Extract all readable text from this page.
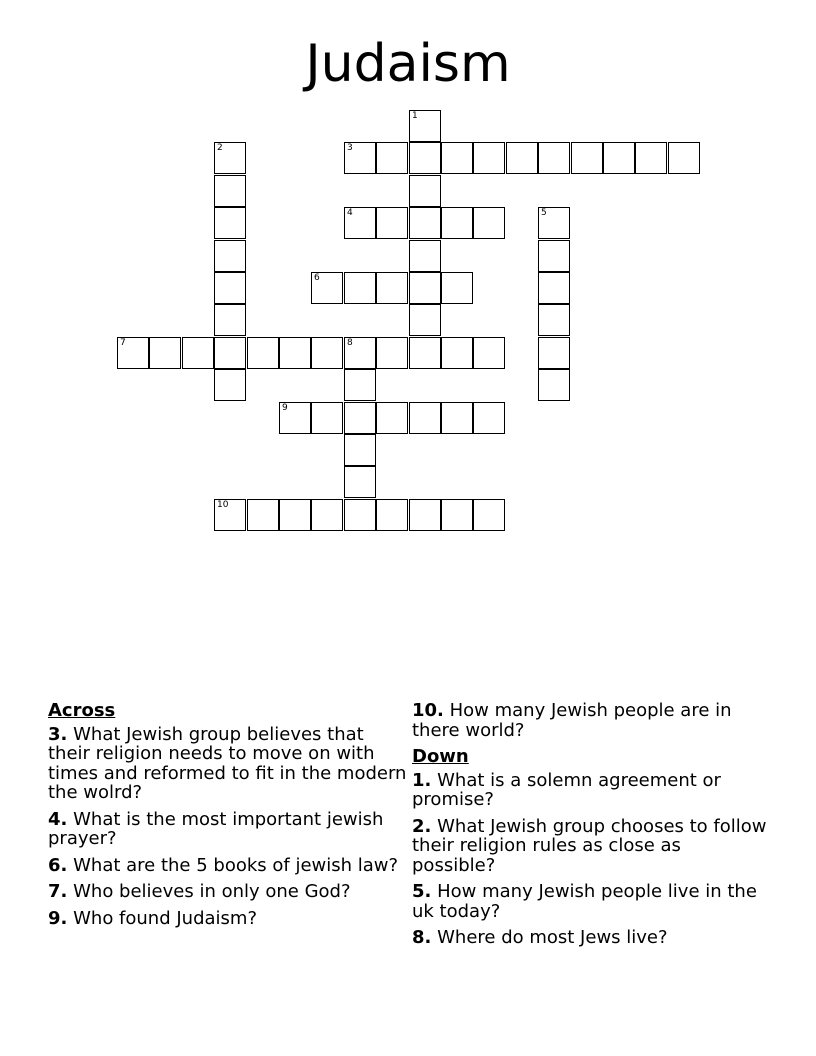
Judaism
1
2	3
4	5
6
7	8
9
10
Across
3. What Jewish group believes that their religion needs to move on with times and reformed to fit in the modern the wolrd?
4. What is the most important jewish prayer?
6. What are the 5 books of jewish law?
7. Who believes in only one God?
9. Who found Judaism?
10. How many Jewish people are in there world?
Down
1. What is a solemn agreement or promise?
2. What Jewish group chooses to follow their religion rules as close as possible?
5. How many Jewish people live in the uk today?
8. Where do most Jews live?
